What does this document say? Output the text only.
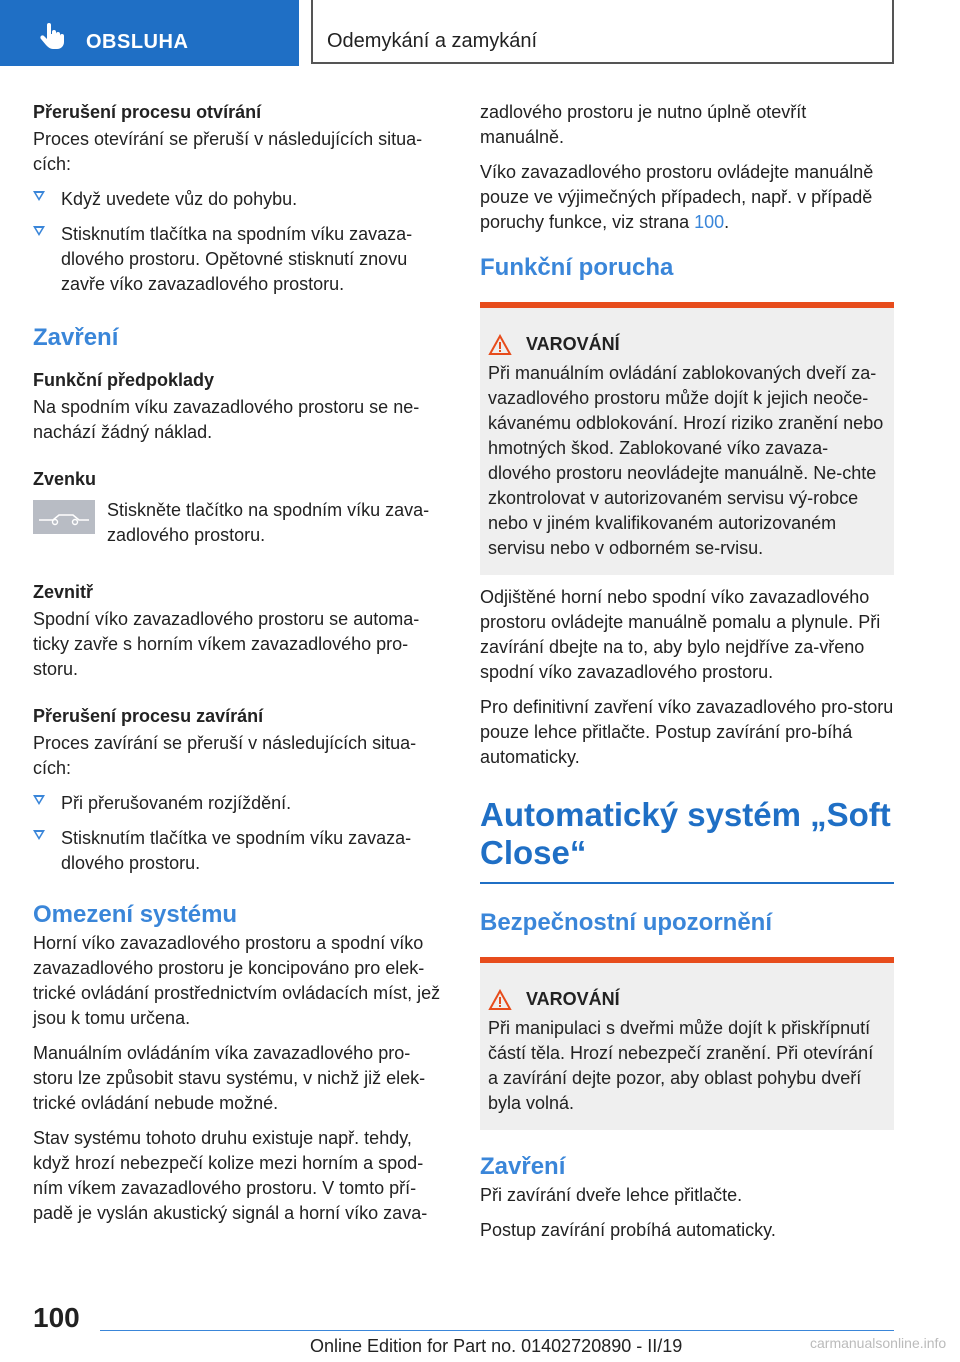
OBSLUHA	Odemykání a zamykání
Přerušení procesu otvírání

Proces otevírání se přeruší v následujících situa‐cích:

Když uvedete vůz do pohybu.
Stisknutím tlačítka na spodním víku zavaza‐dlového prostoru. Opětovné stisknutí znovu zavře víko zavazadlového prostoru.
Zavření
Funkční předpoklady

Na spodním víku zavazadlového prostoru se ne‐nachází žádný náklad.

Zvenku

Stiskněte tlačítko na spodním víku zava‐zadlového prostoru.

Zevnitř

Spodní víko zavazadlového prostoru se automa‐ticky zavře s horním víkem zavazadlového pro‐storu.

Přerušení procesu zavírání

Proces zavírání se přeruší v následujících situa‐cích:

Při přerušovaném rozjíždění.
Stisknutím tlačítka ve spodním víku zavaza‐dlového prostoru.
Omezení systému

Horní víko zavazadlového prostoru a spodní víko zavazadlového prostoru je koncipováno pro elek‐trické ovládání prostřednictvím ovládacích míst, jež jsou k tomu určena.

Manuálním ovládáním víka zavazadlového pro‐storu lze způsobit stavu systému, v nichž již elek‐trické ovládání nebude možné.

Stav systému tohoto druhu existuje např. tehdy, když hrozí nebezpečí kolize mezi horním a spod‐ním víkem zavazadlového prostoru. V tomto pří‐padě je vyslán akustický signál a horní víko zava‐

zadlového prostoru je nutno úplně otevřít manuálně.

Víko zavazadlového prostoru ovládejte manuálně pouze ve výjimečných případech, např. v případě poruchy funkce, viz strana 100.

Funkční porucha
VAROVÁNÍ
Při manuálním ovládání zablokovaných dveří za‐vazadlového prostoru může dojít k jejich neoče‐kávanému odblokování. Hrozí riziko zranění nebo hmotných škod. Zablokované víko zavaza‐dlového prostoru neovládejte manuálně. Ne‐chte zkontrolovat v autorizovaném servisu vý‐robce nebo v jiném kvalifikovaném autorizovaném servisu nebo v odborném se‐rvisu.

Odjištěné horní nebo spodní víko zavazadlového prostoru ovládejte manuálně pomalu a plynule. Při zavírání dbejte na to, aby bylo nejdříve za‐vřeno spodní víko zavazadlového prostoru.

Pro definitivní zavření víko zavazadlového pro‐storu pouze lehce přitlačte. Postup zavírání pro‐bíhá automaticky.

Automatický systém „Soft Close“
Bezpečnostní upozornění
VAROVÁNÍ
Při manipulaci s dveřmi může dojít k přiskřípnutí částí těla. Hrozí nebezpečí zranění. Při otevírání a zavírání dejte pozor, aby oblast pohybu dveří byla volná.
Zavření

Při zavírání dveře lehce přitlačte.

Postup zavírání probíhá automaticky.

100
Online Edition for Part no. 01402720890 - II/19	carmanualsonline.info
